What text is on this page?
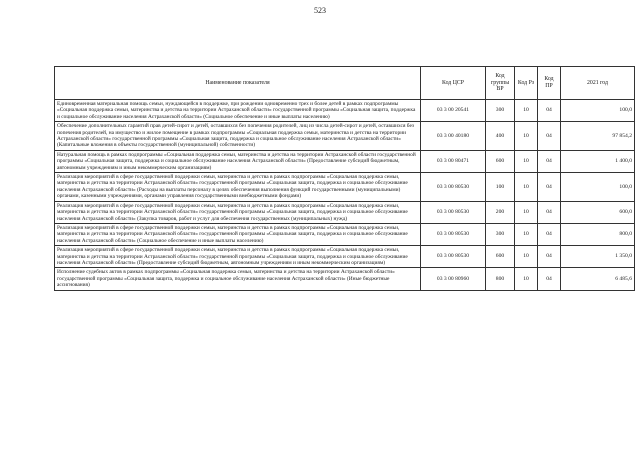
523
Наименование показателя	Код ЦСР	Код группы ВР	Код Рз	Код ПР	2021 год
Единовременная материальная помощь семьи, нуждающейся в поддержке, при рождении одновременно трех и более детей в рамках подпрограммы «Социальная поддержка семьи, материнства и детства на территории Астраханской области» государственной программы «Социальная защита, поддержка и социальное обслуживание населения Астраханской области» (Социальное обеспечение и иные выплаты населению)	03 3 00 20541	300	10	04	100,0
Обеспечение дополнительных гарантий прав детей-сирот и детей, оставшихся без попечения родителей, лиц из числа детей-сирот и детей, оставшихся без попечения родителей, на имущество и жилое помещение в рамках подпрограммы «Социальная поддержка семьи, материнства и детства на территории Астраханской области» государственной программы «Социальная защита, поддержка и социальное обслуживание населения Астраханской области» (Капитальные вложения в объекты государственной (муниципальной) собственности)	03 3 00 40180	400	10	04	97 854,2
Натуральная помощь в рамках подпрограммы «Социальная поддержка семьи, материнства и детства на территории Астраханской области государственной программы «Социальная защита, поддержка и социальное обслуживание населения Астраханской области» (Предоставление субсидий бюджетным, автономным учреждениям и иным некоммерческим организациям)	03 3 00 80471	600	10	04	1 400,0
Реализация мероприятий в сфере государственной поддержки семьи, материнства и детства в рамках подпрограммы «Социальная поддержка семьи, материнства и детства на территории Астраханской области» государственной программы «Социальная защита, поддержка и социальное обслуживание населения Астраханской области» (Расходы на выплаты персоналу в целях обеспечения выполнения функций государственными (муниципальными) органами, казенными учреждениями, органами управления государственными внебюджетными фондами)	03 3 00 80530	100	10	04	100,0
Реализация мероприятий в сфере государственной поддержки семьи, материнства и детства в рамках подпрограммы «Социальная поддержка семьи, материнства и детства на территории Астраханской области» государственной программы «Социальная защита, поддержка и социальное обслуживание населения Астраханской области» (Закупка товаров, работ и услуг для обеспечения государственных (муниципальных) нужд)	03 3 00 80530	200	10	04	600,0
Реализация мероприятий в сфере государственной поддержки семьи, материнства и детства в рамках подпрограммы «Социальная поддержка семьи, материнства и детства на территории Астраханской области» государственной программы «Социальная защита, поддержка и социальное обслуживание населения Астраханской области» (Социальное обеспечение и иные выплаты населению)	03 3 00 80530	300	10	04	800,0
Реализация мероприятий в сфере государственной поддержки семьи, материнства и детства в рамках подпрограммы «Социальная поддержка семьи, материнства и детства на территории Астраханской области» государственной программы «Социальная защита, поддержка и социальное обслуживание населения Астраханской области» (Предоставление субсидий бюджетным, автономным учреждениям и иным некоммерческим организациям)	03 3 00 80530	600	10	04	1 350,0
Исполнение судебных актов в рамках подпрограммы «Социальная поддержка семьи, материнства и детства на территории Астраханской области» государственной программы «Социальная защита, поддержка и социальное обслуживание населения Астраханской области» (Иные бюджетные ассигнования)	03 3 00 80960	800	10	04	6 485,6
